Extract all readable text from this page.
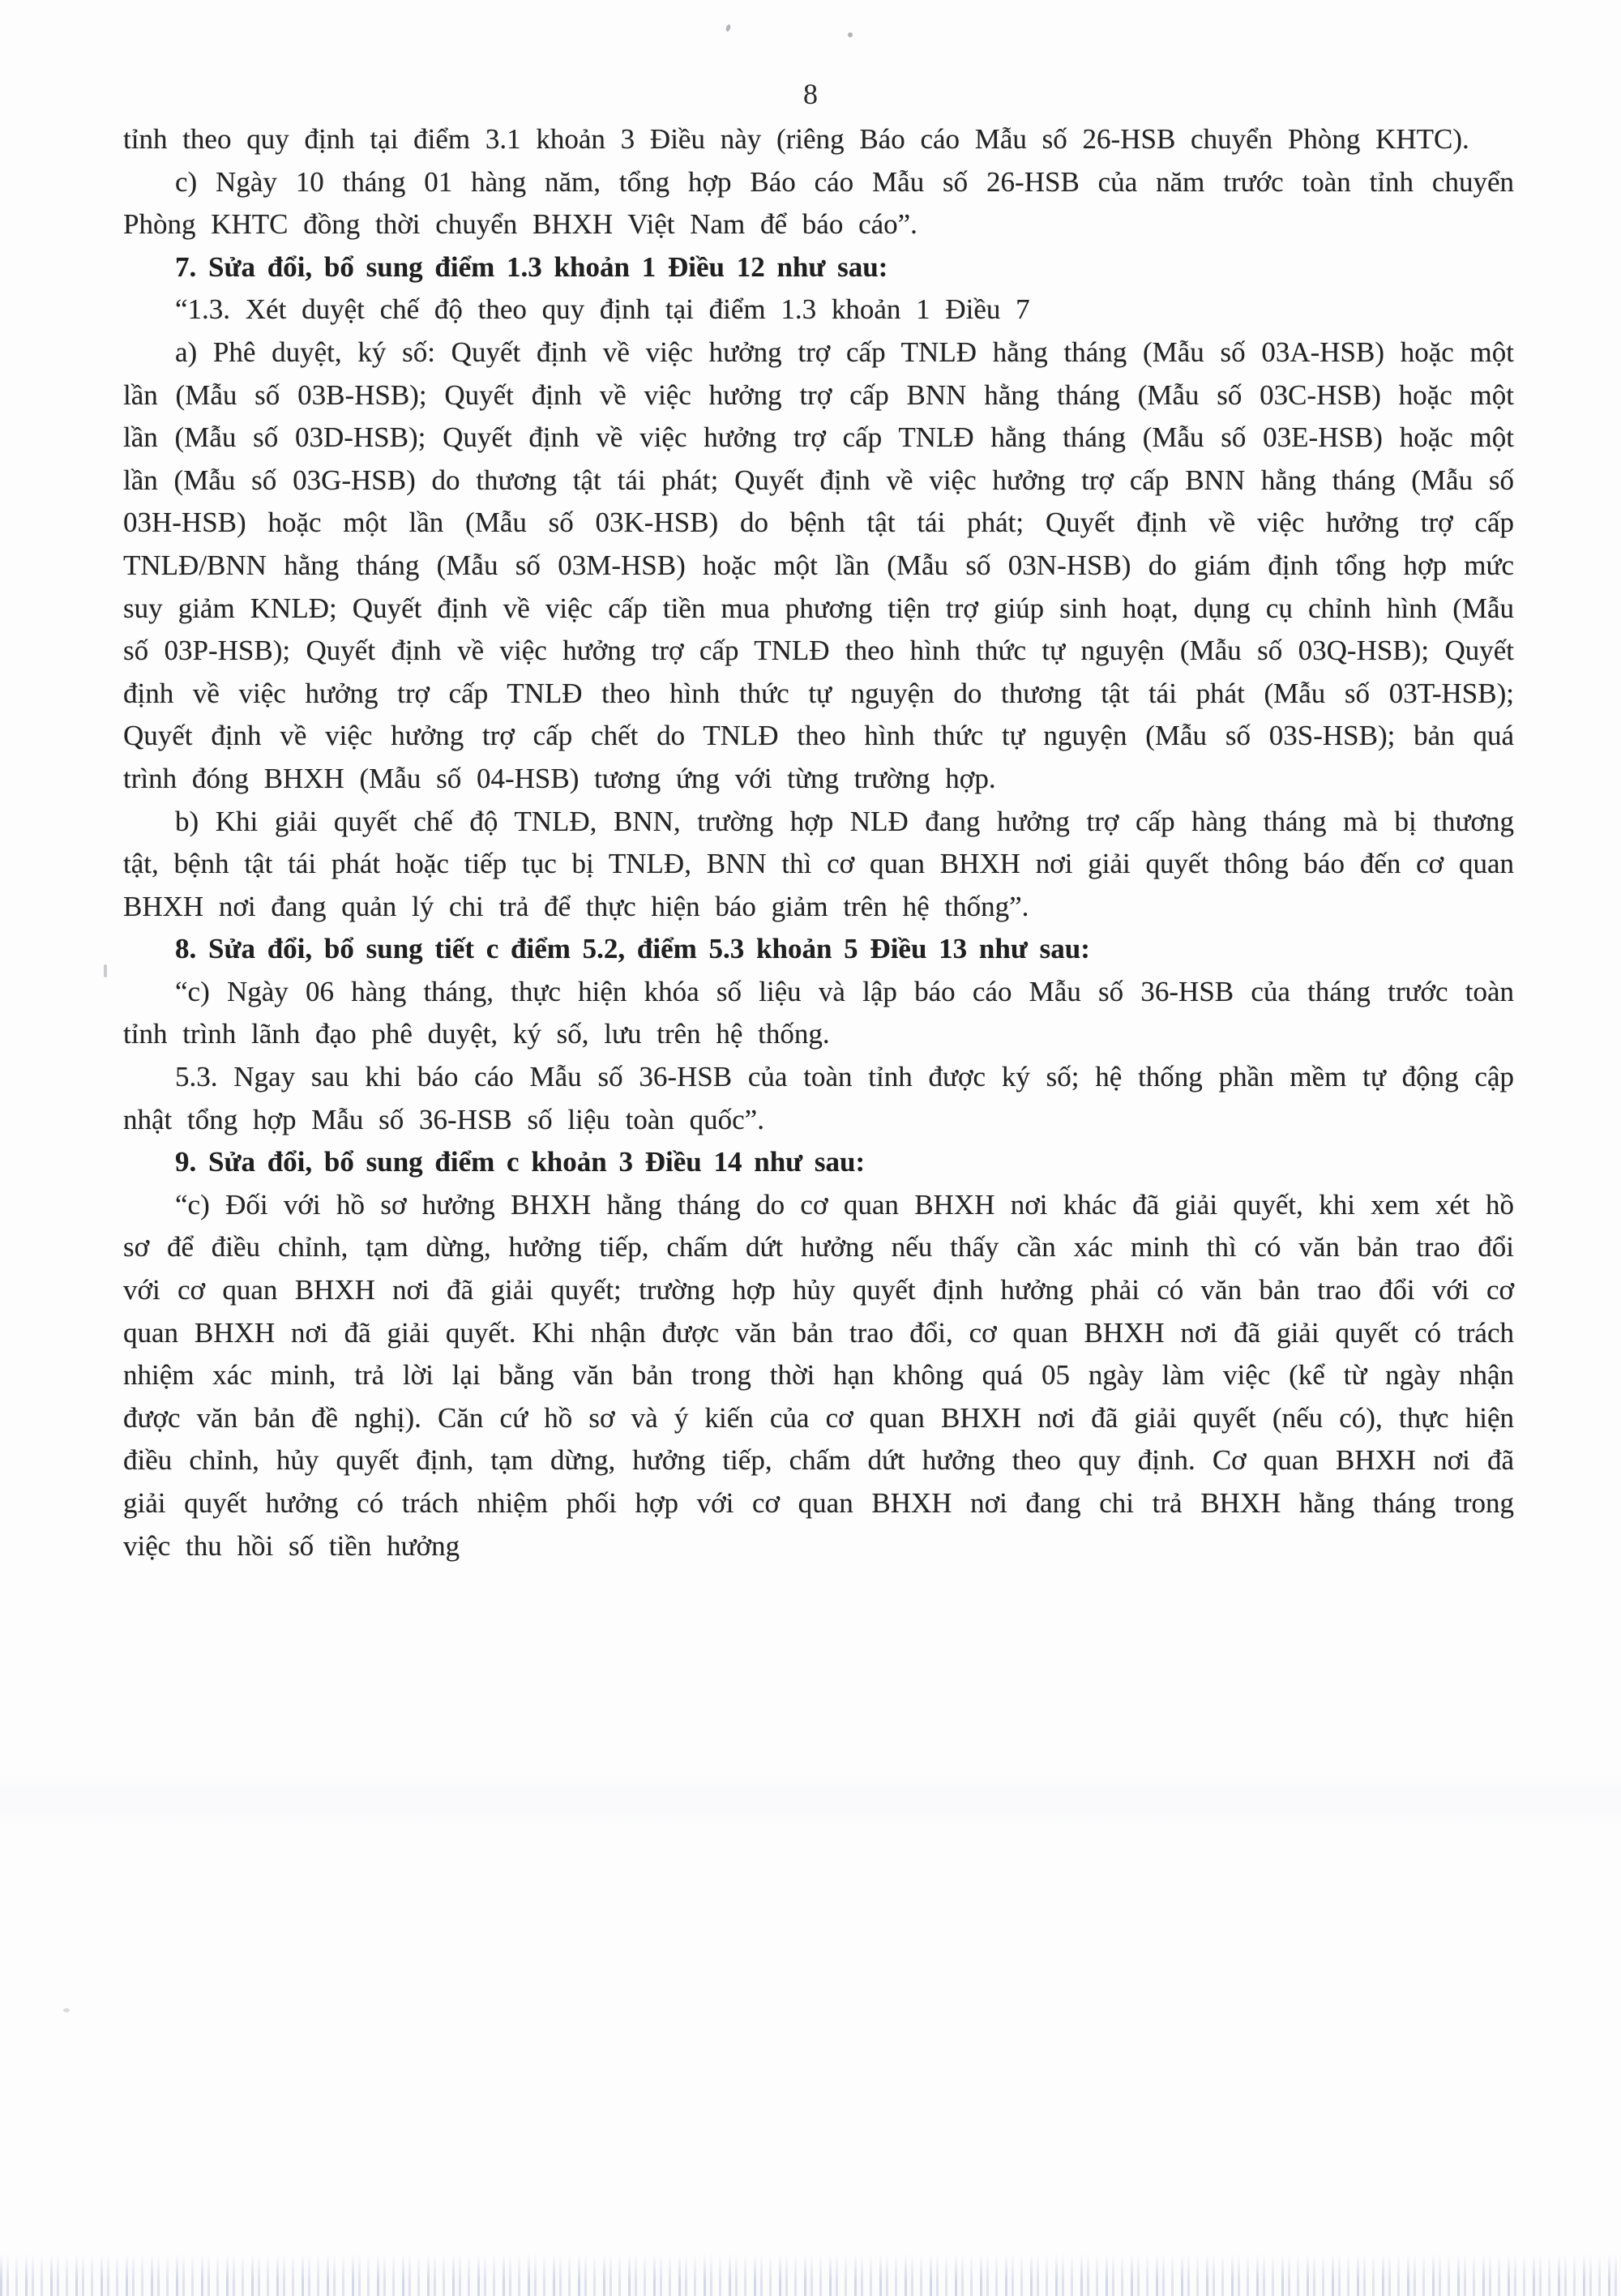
8

tỉnh theo quy định tại điểm 3.1 khoản 3 Điều này (riêng Báo cáo Mẫu số 26-HSB chuyển Phòng KHTC).

c) Ngày 10 tháng 01 hàng năm, tổng hợp Báo cáo Mẫu số 26-HSB của năm trước toàn tỉnh chuyển Phòng KHTC đồng thời chuyển BHXH Việt Nam để báo cáo”.

7. Sửa đổi, bổ sung điểm 1.3 khoản 1 Điều 12 như sau:

“1.3. Xét duyệt chế độ theo quy định tại điểm 1.3 khoản 1 Điều 7

a) Phê duyệt, ký số: Quyết định về việc hưởng trợ cấp TNLĐ hằng tháng (Mẫu số 03A-HSB) hoặc một lần (Mẫu số 03B-HSB); Quyết định về việc hưởng trợ cấp BNN hằng tháng (Mẫu số 03C-HSB) hoặc một lần (Mẫu số 03D-HSB); Quyết định về việc hưởng trợ cấp TNLĐ hằng tháng (Mẫu số 03E-HSB) hoặc một lần (Mẫu số 03G-HSB) do thương tật tái phát; Quyết định về việc hưởng trợ cấp BNN hằng tháng (Mẫu số 03H-HSB) hoặc một lần (Mẫu số 03K-HSB) do bệnh tật tái phát; Quyết định về việc hưởng trợ cấp TNLĐ/BNN hằng tháng (Mẫu số 03M-HSB) hoặc một lần (Mẫu số 03N-HSB) do giám định tổng hợp mức suy giảm KNLĐ; Quyết định về việc cấp tiền mua phương tiện trợ giúp sinh hoạt, dụng cụ chỉnh hình (Mẫu số 03P-HSB); Quyết định về việc hưởng trợ cấp TNLĐ theo hình thức tự nguyện (Mẫu số 03Q-HSB); Quyết định về việc hưởng trợ cấp TNLĐ theo hình thức tự nguyện do thương tật tái phát (Mẫu số 03T-HSB); Quyết định về việc hưởng trợ cấp chết do TNLĐ theo hình thức tự nguyện (Mẫu số 03S-HSB); bản quá trình đóng BHXH (Mẫu số 04-HSB) tương ứng với từng trường hợp.

b) Khi giải quyết chế độ TNLĐ, BNN, trường hợp NLĐ đang hưởng trợ cấp hàng tháng mà bị thương tật, bệnh tật tái phát hoặc tiếp tục bị TNLĐ, BNN thì cơ quan BHXH nơi giải quyết thông báo đến cơ quan BHXH nơi đang quản lý chi trả để thực hiện báo giảm trên hệ thống”.

8. Sửa đổi, bổ sung tiết c điểm 5.2, điểm 5.3 khoản 5 Điều 13 như sau:

“c) Ngày 06 hàng tháng, thực hiện khóa số liệu và lập báo cáo Mẫu số 36-HSB của tháng trước toàn tỉnh trình lãnh đạo phê duyệt, ký số, lưu trên hệ thống.

5.3. Ngay sau khi báo cáo Mẫu số 36-HSB của toàn tỉnh được ký số; hệ thống phần mềm tự động cập nhật tổng hợp Mẫu số 36-HSB số liệu toàn quốc”.

9. Sửa đổi, bổ sung điểm c khoản 3 Điều 14 như sau:

“c) Đối với hồ sơ hưởng BHXH hằng tháng do cơ quan BHXH nơi khác đã giải quyết, khi xem xét hồ sơ để điều chỉnh, tạm dừng, hưởng tiếp, chấm dứt hưởng nếu thấy cần xác minh thì có văn bản trao đổi với cơ quan BHXH nơi đã giải quyết; trường hợp hủy quyết định hưởng phải có văn bản trao đổi với cơ quan BHXH nơi đã giải quyết. Khi nhận được văn bản trao đổi, cơ quan BHXH nơi đã giải quyết có trách nhiệm xác minh, trả lời lại bằng văn bản trong thời hạn không quá 05 ngày làm việc (kể từ ngày nhận được văn bản đề nghị). Căn cứ hồ sơ và ý kiến của cơ quan BHXH nơi đã giải quyết (nếu có), thực hiện điều chỉnh, hủy quyết định, tạm dừng, hưởng tiếp, chấm dứt hưởng theo quy định. Cơ quan BHXH nơi đã giải quyết hưởng có trách nhiệm phối hợp với cơ quan BHXH nơi đang chi trả BHXH hằng tháng trong việc thu hồi số tiền hưởng
